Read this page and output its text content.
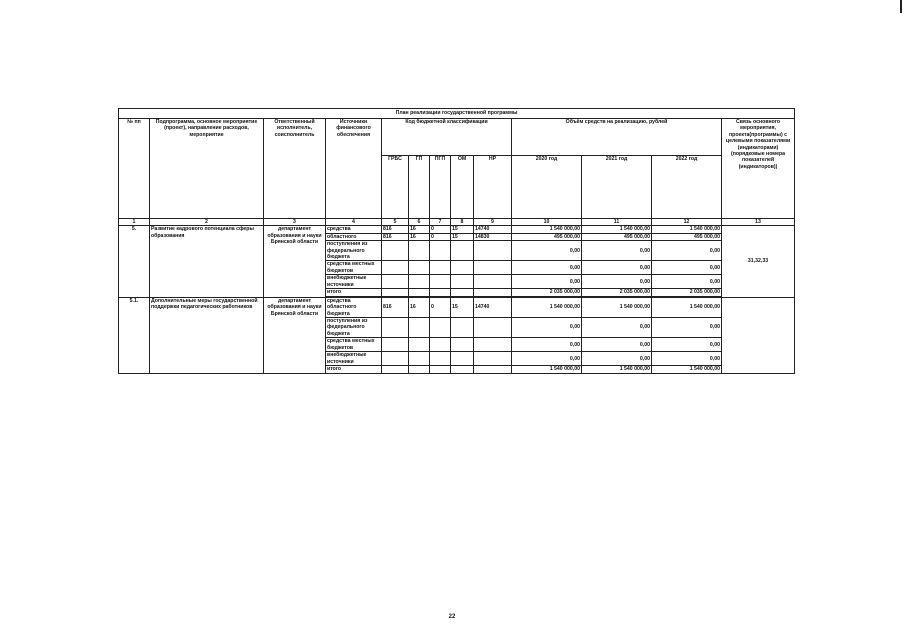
План реализации государственной программы												
№ пп	Подпрограмма, основное мероприятие (проект), направление расходов, мероприятие	Ответственный исполнитель, соисполнитель	Источники финансового обеспечения	Код бюджетной классификации					Объём средств на реализацию, рублей			Связь основного мероприятия, проекта(программы) с целевыми показателями (индикаторами) (порядковые номера показателей (индикаторов))
				ГРБС	ГП	ПГП	ОМ	НР	2020 год	2021 год	2022 год	
1	2	3	4	5	6	7	8	9	10	11	12	13
5.	Развитие кадрового потенциала сферы образования	департамент образования и науки Брянской области	средства	816	16	0	15	14740	1 540 000,00	1 540 000,00	1 540 000,00	31,32,33
			областного	816	16	0	15	14830	495 000,00	495 000,00	495 000,00	
			поступления из федерального бюджета						0,00	0,00	0,00	
			средства местных бюджетов						0,00	0,00	0,00	
			внебюджетные источники						0,00	0,00	0,00	
			итого						2 035 000,00	2 035 000,00	2 035 000,00	

5.1.	Дополнительные меры государственной поддержки педагогических работников	департамент образования и науки Брянской области	средства областного бюджета	816	16	0	15	14740	1 540 000,00	1 540 000,00	1 540 000,00	
			поступления из федерального бюджета						0,00	0,00	0,00	
			средства местных бюджетов						0,00	0,00	0,00	
			внебюджетные источники						0,00	0,00	0,00	
			итого						1 540 000,00	1 540 000,00	1 540 000,00	
22
